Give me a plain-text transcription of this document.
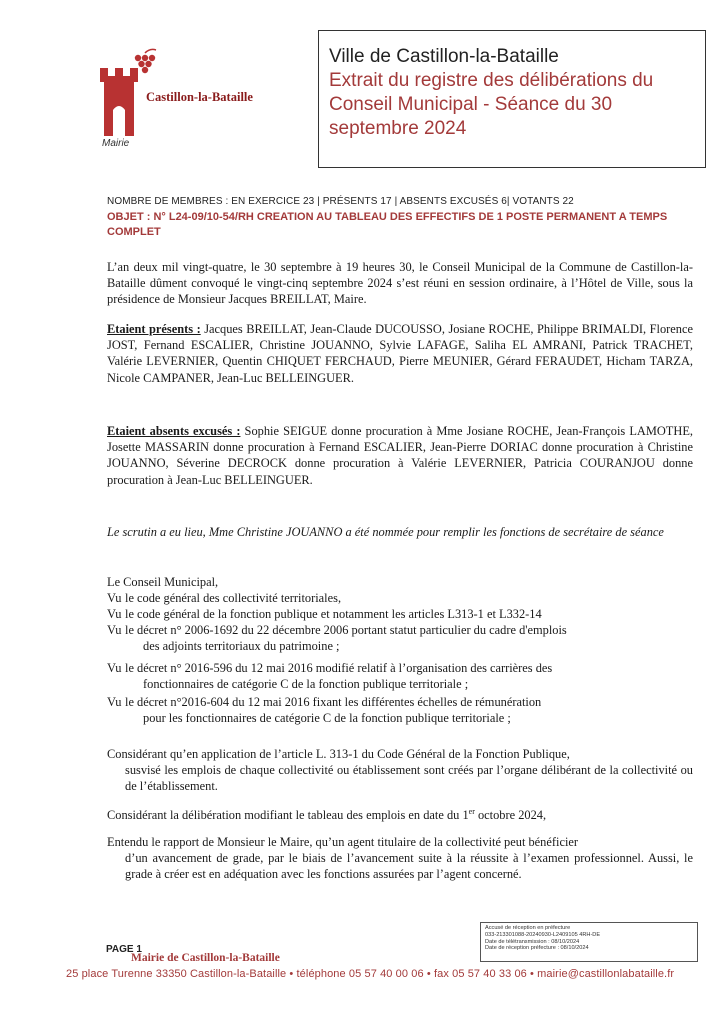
Castillon-la-Bataille
Mairie
Ville de Castillon-la-Bataille
Extrait du registre des délibérations du
Conseil Municipal - Séance du 30
septembre 2024
NOMBRE DE MEMBRES : EN EXERCICE 23 | PRÉSENTS 17 | ABSENTS EXCUSÉS 6| VOTANTS 22
OBJET : N° L24-09/10-54/RH CREATION AU TABLEAU DES EFFECTIFS DE 1 POSTE PERMANENT A TEMPS COMPLET
L’an deux mil vingt-quatre, le 30 septembre à 19 heures 30, le Conseil Municipal de la Commune de Castillon-la-Bataille dûment convoqué le vingt-cinq septembre 2024 s’est réuni en session ordinaire, à l’Hôtel de Ville, sous la présidence de Monsieur Jacques BREILLAT, Maire.
Etaient présents : Jacques BREILLAT, Jean-Claude DUCOUSSO, Josiane ROCHE, Philippe BRIMALDI, Florence JOST, Fernand ESCALIER, Christine JOUANNO, Sylvie LAFAGE, Saliha EL AMRANI, Patrick TRACHET, Valérie LEVERNIER, Quentin CHIQUET FERCHAUD, Pierre MEUNIER, Gérard FERAUDET, Hicham TARZA, Nicole CAMPANER, Jean-Luc BELLEINGUER.
Etaient absents excusés : Sophie SEIGUE donne procuration à Mme Josiane ROCHE, Jean-François LAMOTHE, Josette MASSARIN donne procuration à Fernand ESCALIER, Jean-Pierre DORIAC donne procuration à Christine JOUANNO, Séverine DECROCK donne procuration à Valérie LEVERNIER, Patricia COURANJOU donne procuration à Jean-Luc BELLEINGUER.
Le scrutin a eu lieu, Mme Christine JOUANNO a été nommée pour remplir les fonctions de secrétaire de séance
Le Conseil Municipal,
Vu le code général des collectivité territoriales,
Vu le code général de la fonction publique et notamment les articles L313-1 et L332-14
Vu le décret n° 2006-1692 du 22 décembre 2006 portant statut particulier du cadre d'emplois
des adjoints territoriaux du patrimoine ;
Vu le décret n° 2016-596 du 12 mai 2016 modifié relatif à l’organisation des carrières des
fonctionnaires de catégorie C de la fonction publique territoriale ;
Vu le décret n°2016-604 du 12 mai 2016 fixant les différentes échelles de rémunération
pour les fonctionnaires de catégorie C de la fonction publique territoriale ;
Considérant qu’en application de l’article L. 313-1 du Code Général de la Fonction Publique,
susvisé les emplois de chaque collectivité ou établissement sont créés par l’organe délibérant de la collectivité ou de l’établissement.
Considérant la délibération modifiant le tableau des emplois en date du 1er octobre 2024,
Entendu le rapport de Monsieur le Maire, qu’un agent titulaire de la collectivité peut bénéficier
d’un avancement de grade, par le biais de l’avancement suite à la réussite à l’examen professionnel. Aussi, le grade à créer est en adéquation avec les fonctions assurées par l’agent concerné.
Accusé de réception en préfecture
033-213301088-20240930-L2409105 4RH-DE
Date de télétransmission : 08/10/2024
Date de réception préfecture : 08/10/2024
PAGE 1
Mairie de Castillon-la-Bataille
25 place Turenne 33350 Castillon-la-Bataille • téléphone 05 57 40 00 06 • fax 05 57 40 33 06 • mairie@castillonlabataille.fr
